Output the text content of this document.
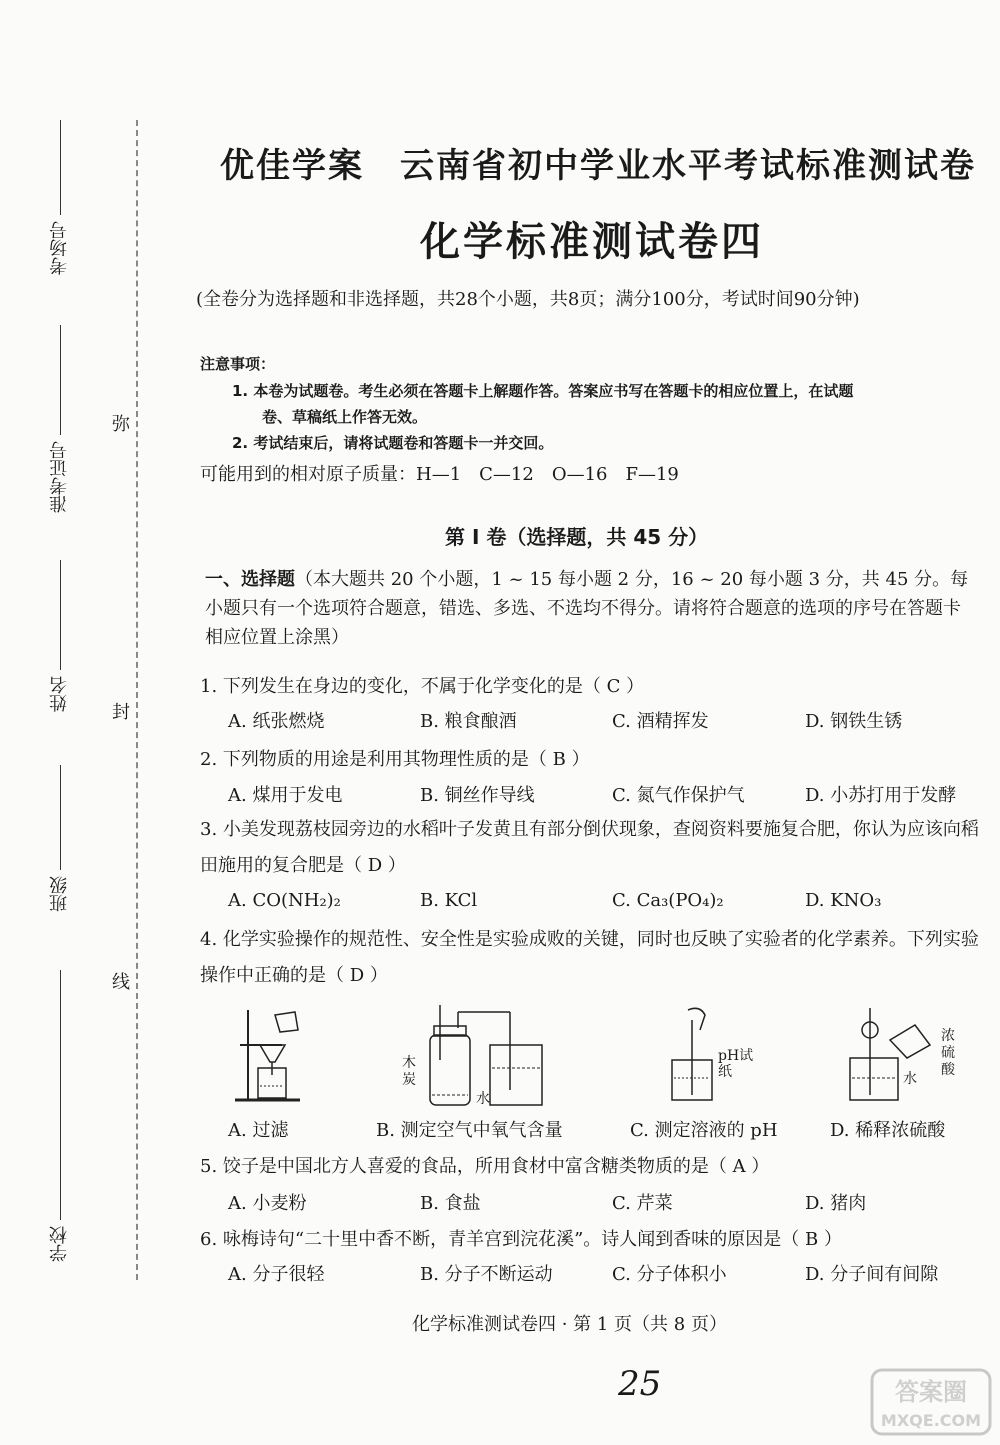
考场号
准考证号
姓名
班级
学校
弥
封
线
优佳学案　云南省初中学业水平考试标准测试卷
化学标准测试卷四
(全卷分为选择题和非选择题，共28个小题，共8页；满分100分，考试时间90分钟)
注意事项：
1. 本卷为试题卷。考生必须在答题卡上解题作答。答案应书写在答题卡的相应位置上，在试题
卷、草稿纸上作答无效。
2. 考试结束后，请将试题卷和答题卡一并交回。
可能用到的相对原子质量：H—1　C—12　O—16　F—19
第 I 卷（选择题，共 45 分）
一、选择题（本大题共 20 个小题，1 ~ 15 每小题 2 分，16 ~ 20 每小题 3 分，共 45 分。每小题只有一个选项符合题意，错选、多选、不选均不得分。请将符合题意的选项的序号在答题卡相应位置上涂黑）
1. 下列发生在身边的变化，不属于化学变化的是（ C ）
A. 纸张燃烧	B. 粮食酿酒	C. 酒精挥发	D. 钢铁生锈
2. 下列物质的用途是利用其物理性质的是（ B ）
A. 煤用于发电	B. 铜丝作导线	C. 氮气作保护气	D. 小苏打用于发酵
3. 小美发现荔枝园旁边的水稻叶子发黄且有部分倒伏现象，查阅资料要施复合肥，你认为应该向稻田施用的复合肥是（ D ）
A. CO(NH₂)₂	B. KCl	C. Ca₃(PO₄)₂	D. KNO₃
4. 化学实验操作的规范性、安全性是实验成败的关键，同时也反映了实验者的化学素养。下列实验操作中正确的是（ D ）
木炭
水
pH试纸	水
浓硫酸
A. 过滤	B. 测定空气中氧气含量	C. 测定溶液的 pH	D. 稀释浓硫酸
5. 饺子是中国北方人喜爱的食品，所用食材中富含糖类物质的是（ A ）
A. 小麦粉	B. 食盐	C. 芹菜	D. 猪肉
6. 咏梅诗句“二十里中香不断，青羊宫到浣花溪”。诗人闻到香味的原因是（ B ）
A. 分子很轻	B. 分子不断运动	C. 分子体积小	D. 分子间有间隙
化学标准测试卷四 · 第 1 页（共 8 页）
25	答案圈
MXQE.COM
